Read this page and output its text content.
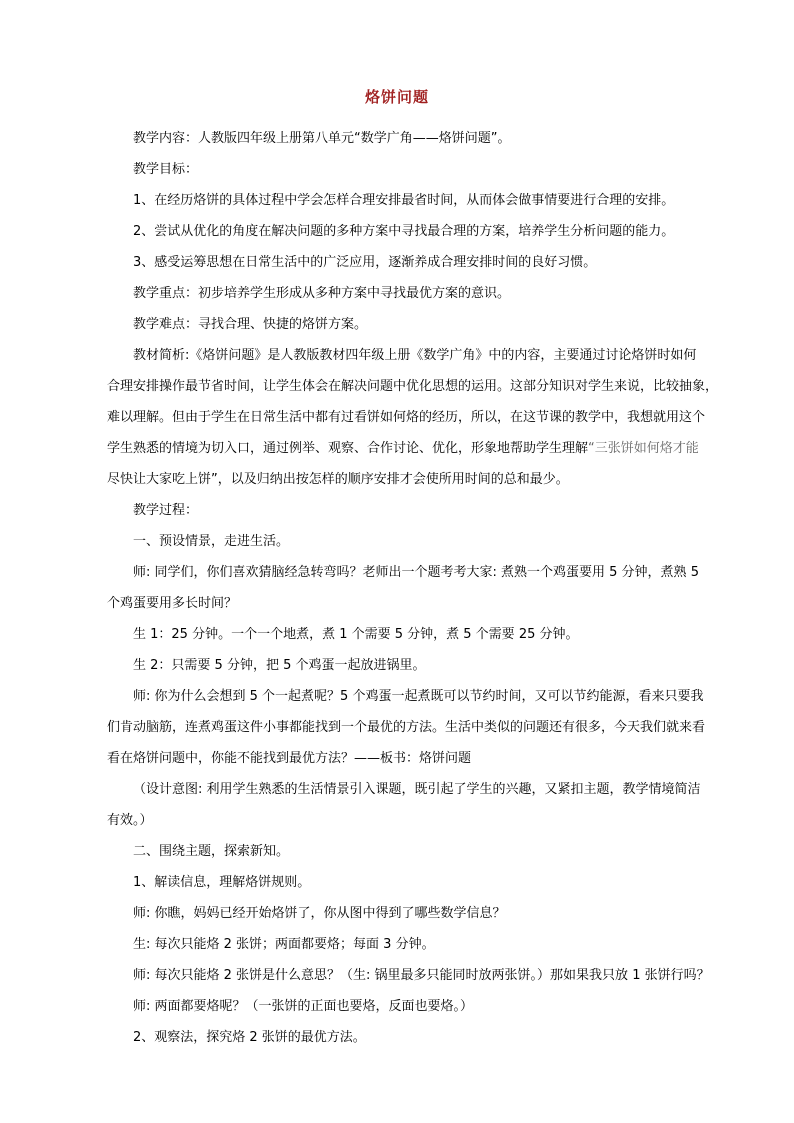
烙饼问题

教学内容：人教版四年级上册第八单元“数学广角——烙饼问题”。

教学目标：

1、在经历烙饼的具体过程中学会怎样合理安排最省时间，从而体会做事情要进行合理的安排。

2、尝试从优化的角度在解决问题的多种方案中寻找最合理的方案，培养学生分析问题的能力。

3、感受运筹思想在日常生活中的广泛应用，逐渐养成合理安排时间的良好习惯。

教学重点：初步培养学生形成从多种方案中寻找最优方案的意识。

教学难点：寻找合理、快捷的烙饼方案。

教材简析:《烙饼问题》是人教版教材四年级上册《数学广角》中的内容，主要通过讨论烙饼时如何

合理安排操作最节省时间，让学生体会在解决问题中优化思想的运用。这部分知识对学生来说，比较抽象，

难以理解。但由于学生在日常生活中都有过看饼如何烙的经历，所以，在这节课的教学中，我想就用这个

学生熟悉的情境为切入口，通过例举、观察、合作讨论、优化，形象地帮助学生理解“三张饼如何烙才能

尽快让大家吃上饼”，以及归纳出按怎样的顺序安排才会使所用时间的总和最少。

教学过程：

一、预设情景，走进生活。

师: 同学们，你们喜欢猜脑经急转弯吗？老师出一个题考考大家: 煮熟一个鸡蛋要用 5 分钟，煮熟 5

个鸡蛋要用多长时间？

生 1：25 分钟。一个一个地煮，煮 1 个需要 5 分钟，煮 5 个需要 25 分钟。

生 2：只需要 5 分钟，把 5 个鸡蛋一起放进锅里。

师: 你为什么会想到 5 个一起煮呢？5 个鸡蛋一起煮既可以节约时间，又可以节约能源，看来只要我

们肯动脑筋，连煮鸡蛋这件小事都能找到一个最优的方法。生活中类似的问题还有很多，今天我们就来看

看在烙饼问题中，你能不能找到最优方法？——板书：烙饼问题

（设计意图: 利用学生熟悉的生活情景引入课题，既引起了学生的兴趣，又紧扣主题，教学情境简洁

有效。）

二、围绕主题，探索新知。

1、解读信息，理解烙饼规则。

师: 你瞧，妈妈已经开始烙饼了，你从图中得到了哪些数学信息？

生: 每次只能烙 2 张饼；两面都要烙；每面 3 分钟。

师: 每次只能烙 2 张饼是什么意思？（生: 锅里最多只能同时放两张饼。）那如果我只放 1 张饼行吗？

师: 两面都要烙呢？（一张饼的正面也要烙，反面也要烙。）

2、观察法，探究烙 2 张饼的最优方法。
